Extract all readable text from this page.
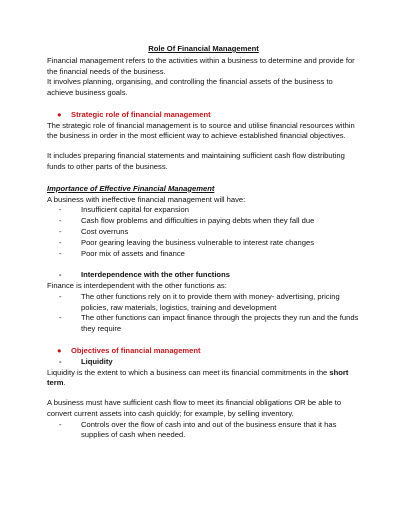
Role Of Financial Management

Financial management refers to the activities within a business to determine and provide for the financial needs of the business.

It involves planning, organising, and controlling the financial assets of the business to achieve business goals.

●	Strategic role of financial management

The strategic role of financial management is to source and utilise financial resources within the business in order in the most efficient way to achieve established financial objectives.

It includes preparing financial statements and maintaining sufficient cash flow distributing funds to other parts of the business.

Importance of Effective Financial Management

A business with ineffective financial management will have:

-	Insufficient capital for expansion
-	Cash flow problems and difficulties in paying debts when they fall due
-	Cost overruns
-	Poor gearing leaving the business vulnerable to interest rate changes
-	Poor mix of assets and finance
-	Interdependence with the other functions

Finance is interdependent with the other functions as:

-	The other functions rely on it to provide them with money- advertising, pricing policies, raw materials, logistics, training and development
-	The other functions can impact finance through the projects they run and the funds they require
●	Objectives of financial management
-	Liquidity

Liquidity is the extent to which a business can meet its financial commitments in the short term.

A business must have sufficient cash flow to meet its financial obligations OR be able to convert current assets into cash quickly; for example, by selling inventory.

-	Controls over the flow of cash into and out of the business ensure that it has supplies of cash when needed.
